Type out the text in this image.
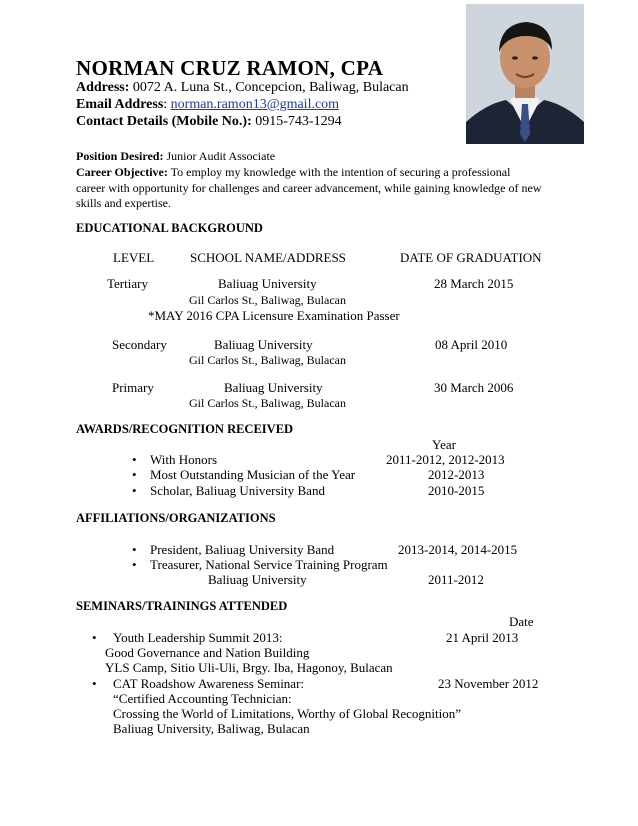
NORMAN CRUZ RAMON, CPA
Address: 0072 A. Luna St., Concepcion, Baliwag, Bulacan
Email Address: norman.ramon13@gmail.com
Contact Details (Mobile No.): 0915-743-1294
Position Desired: Junior Audit Associate
Career Objective: To employ my knowledge with the intention of securing a professional
career with opportunity for challenges and career advancement, while gaining knowledge of new
skills and expertise.
EDUCATIONAL BACKGROUND
LEVEL	SCHOOL NAME/ADDRESS	DATE OF GRADUATION
Tertiary	Baliuag University	28 March 2015
Gil Carlos St., Baliwag, Bulacan
*MAY 2016 CPA Licensure Examination Passer
Secondary	Baliuag University	08 April 2010
Gil Carlos St., Baliwag, Bulacan
Primary	Baliuag University	30 March 2006
Gil Carlos St., Baliwag, Bulacan
AWARDS/RECOGNITION RECEIVED
Year
• With Honors	2011-2012, 2012-2013
• Most Outstanding Musician of the Year	2012-2013
• Scholar, Baliuag University Band	2010-2015
AFFILIATIONS/ORGANIZATIONS
• President, Baliuag University Band	2013-2014, 2014-2015
• Treasurer, National Service Training Program
Baliuag University	2011-2012
SEMINARS/TRAININGS ATTENDED
Date
• Youth Leadership Summit 2013:	21 April 2013
Good Governance and Nation Building
YLS Camp, Sitio Uli-Uli, Brgy. Iba, Hagonoy, Bulacan
• CAT Roadshow Awareness Seminar:	23 November 2012
“Certified Accounting Technician:
Crossing the World of Limitations, Worthy of Global Recognition”
Baliuag University, Baliwag, Bulacan
